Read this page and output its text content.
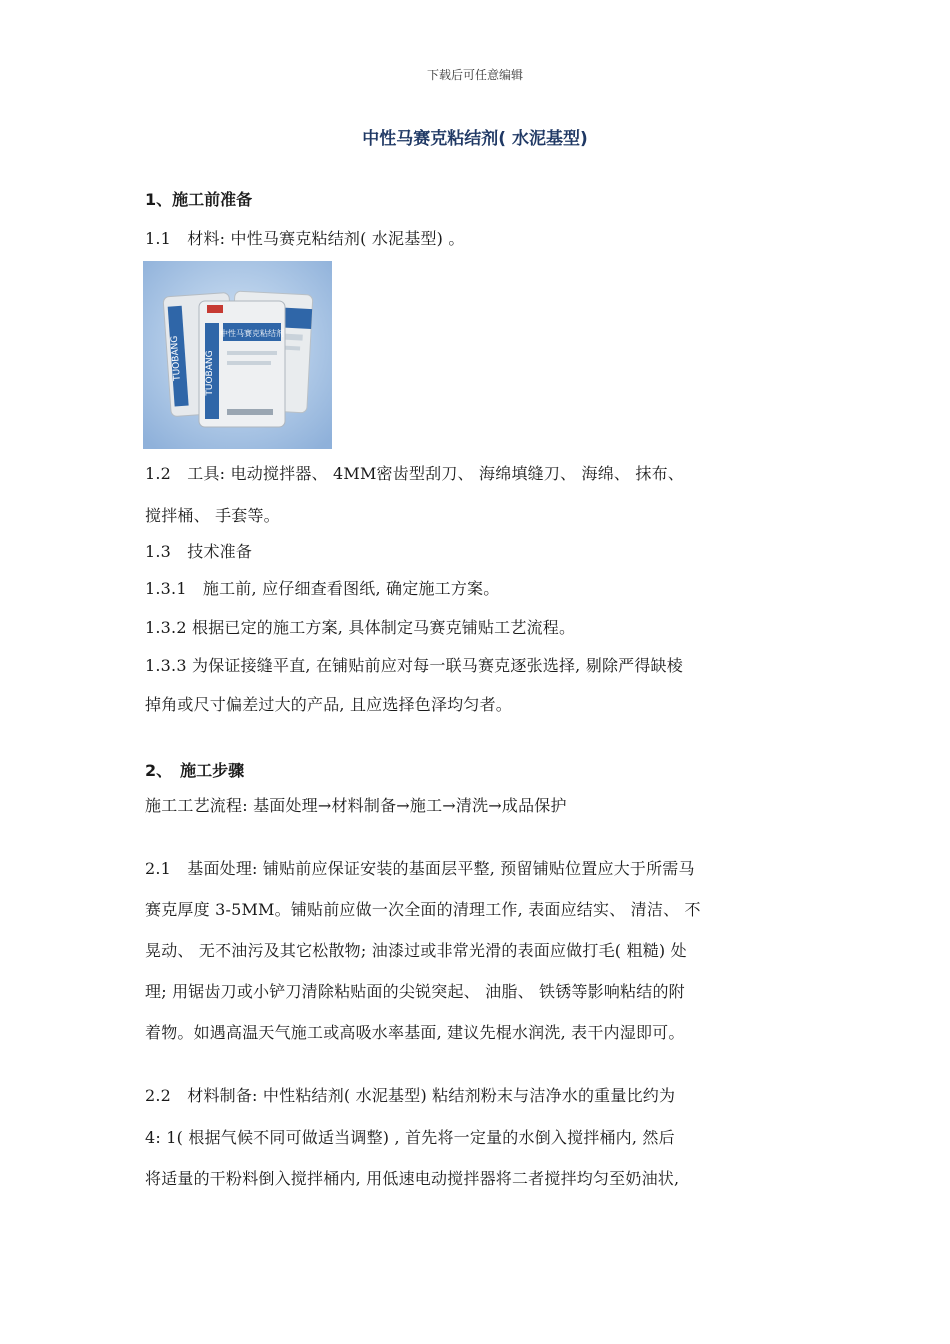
下载后可任意编辑
中性马赛克粘结剂( 水泥基型)
1、施工前准备
1.1　材料: 中性马赛克粘结剂( 水泥基型) 。
TUOBANG
中性马赛克粘结剂
TUOBANG
1.2　工具: 电动搅拌器、 4MM密齿型刮刀、 海绵填缝刀、 海绵、 抹布、
搅拌桶、 手套等。
1.3　技术准备
1.3.1　施工前, 应仔细查看图纸, 确定施工方案。
1.3.2 根据已定的施工方案, 具体制定马赛克铺贴工艺流程。
1.3.3 为保证接缝平直, 在铺贴前应对每一联马赛克逐张选择, 剔除严得缺棱
掉角或尺寸偏差过大的产品, 且应选择色泽均匀者。
2、　施工步骤
施工工艺流程: 基面处理→材料制备→施工→清洗→成品保护
2.1　基面处理: 铺贴前应保证安装的基面层平整, 预留铺贴位置应大于所需马
赛克厚度 3-5MM。铺贴前应做一次全面的清理工作, 表面应结实、 清洁、 不
晃动、 无不油污及其它松散物; 油漆过或非常光滑的表面应做打毛( 粗糙) 处
理; 用锯齿刀或小铲刀清除粘贴面的尖锐突起、 油脂、 铁锈等影响粘结的附
着物。如遇高温天气施工或高吸水率基面, 建议先棍水润洗, 表干内湿即可。
2.2　材料制备: 中性粘结剂( 水泥基型) 粘结剂粉末与洁净水的重量比约为
4: 1( 根据气候不同可做适当调整) , 首先将一定量的水倒入搅拌桶内, 然后
将适量的干粉料倒入搅拌桶内, 用低速电动搅拌器将二者搅拌均匀至奶油状,
